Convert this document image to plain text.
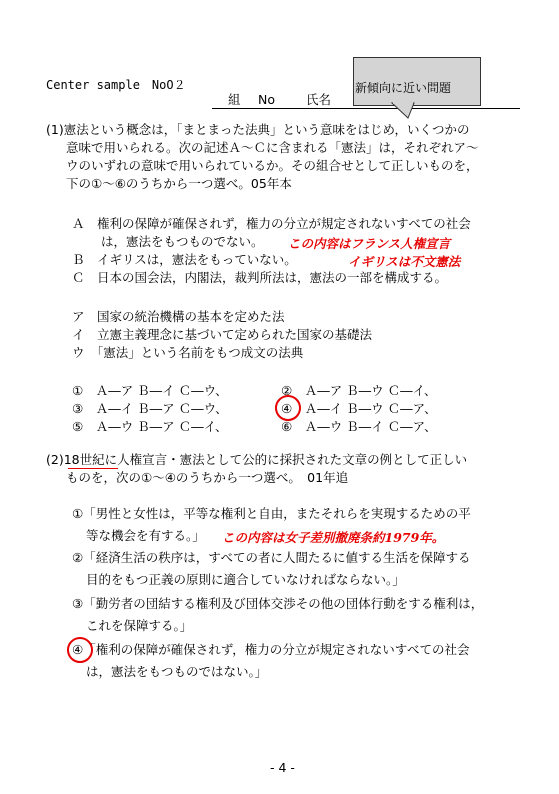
Center sample　NoO２
組 No 氏名
新傾向に近い問題
(1)憲法という概念は，「まとまった法典」という意味をはじめ，いくつかの
意味で用いられる。次の記述Ａ～Ｃに含まれる「憲法」は，それぞれア～
ウのいずれの意味で用いられているか。その組合せとして正しいものを，
下の①～⑥のうちから一つ選べ。05年本
Ａ　権利の保障が確保されず，権力の分立が規定されないすべての社会
は，憲法をもつものでない。 この内容はフランス人権宣言
Ｂ　イギリスは，憲法をもっていない。	イギリスは不文憲法
Ｃ　日本の国会法，内閣法，裁判所法は，憲法の一部を構成する。
ア　国家の統治機構の基本を定めた法
イ　立憲主義理念に基づいて定められた国家の基礎法
ウ　「憲法」という名前をもつ成文の法典
①　Ａ―ア Ｂ―イ Ｃ―ウ、	②　Ａ―ア Ｂ―ウ Ｃ―イ、
③　Ａ―イ Ｂ―ア Ｃ―ウ、	④　Ａ―イ Ｂ―ウ Ｃ―ア、
⑤　Ａ―ウ Ｂ―ア Ｃ―イ、	⑥　Ａ―ウ Ｂ―イ Ｃ―ア、
(2)18世紀に人権宣言・憲法として公的に採択された文章の例として正しい
ものを，次の①～④のうちから一つ選べ。　01年追
①「男性と女性は，平等な権利と自由，またそれらを実現するための平
等な機会を有する。」 この内容は女子差別撤廃条約1979年。
②「経済生活の秩序は，すべての者に人間たるに値する生活を保障する
目的をもつ正義の原則に適合していなければならない。」
③「勤労者の団結する権利及び団体交渉その他の団体行動をする権利は，
これを保障する。」
④「権利の保障が確保されず，権力の分立が規定されないすべての社会
は，憲法をもつものではない。」
- 4 -
